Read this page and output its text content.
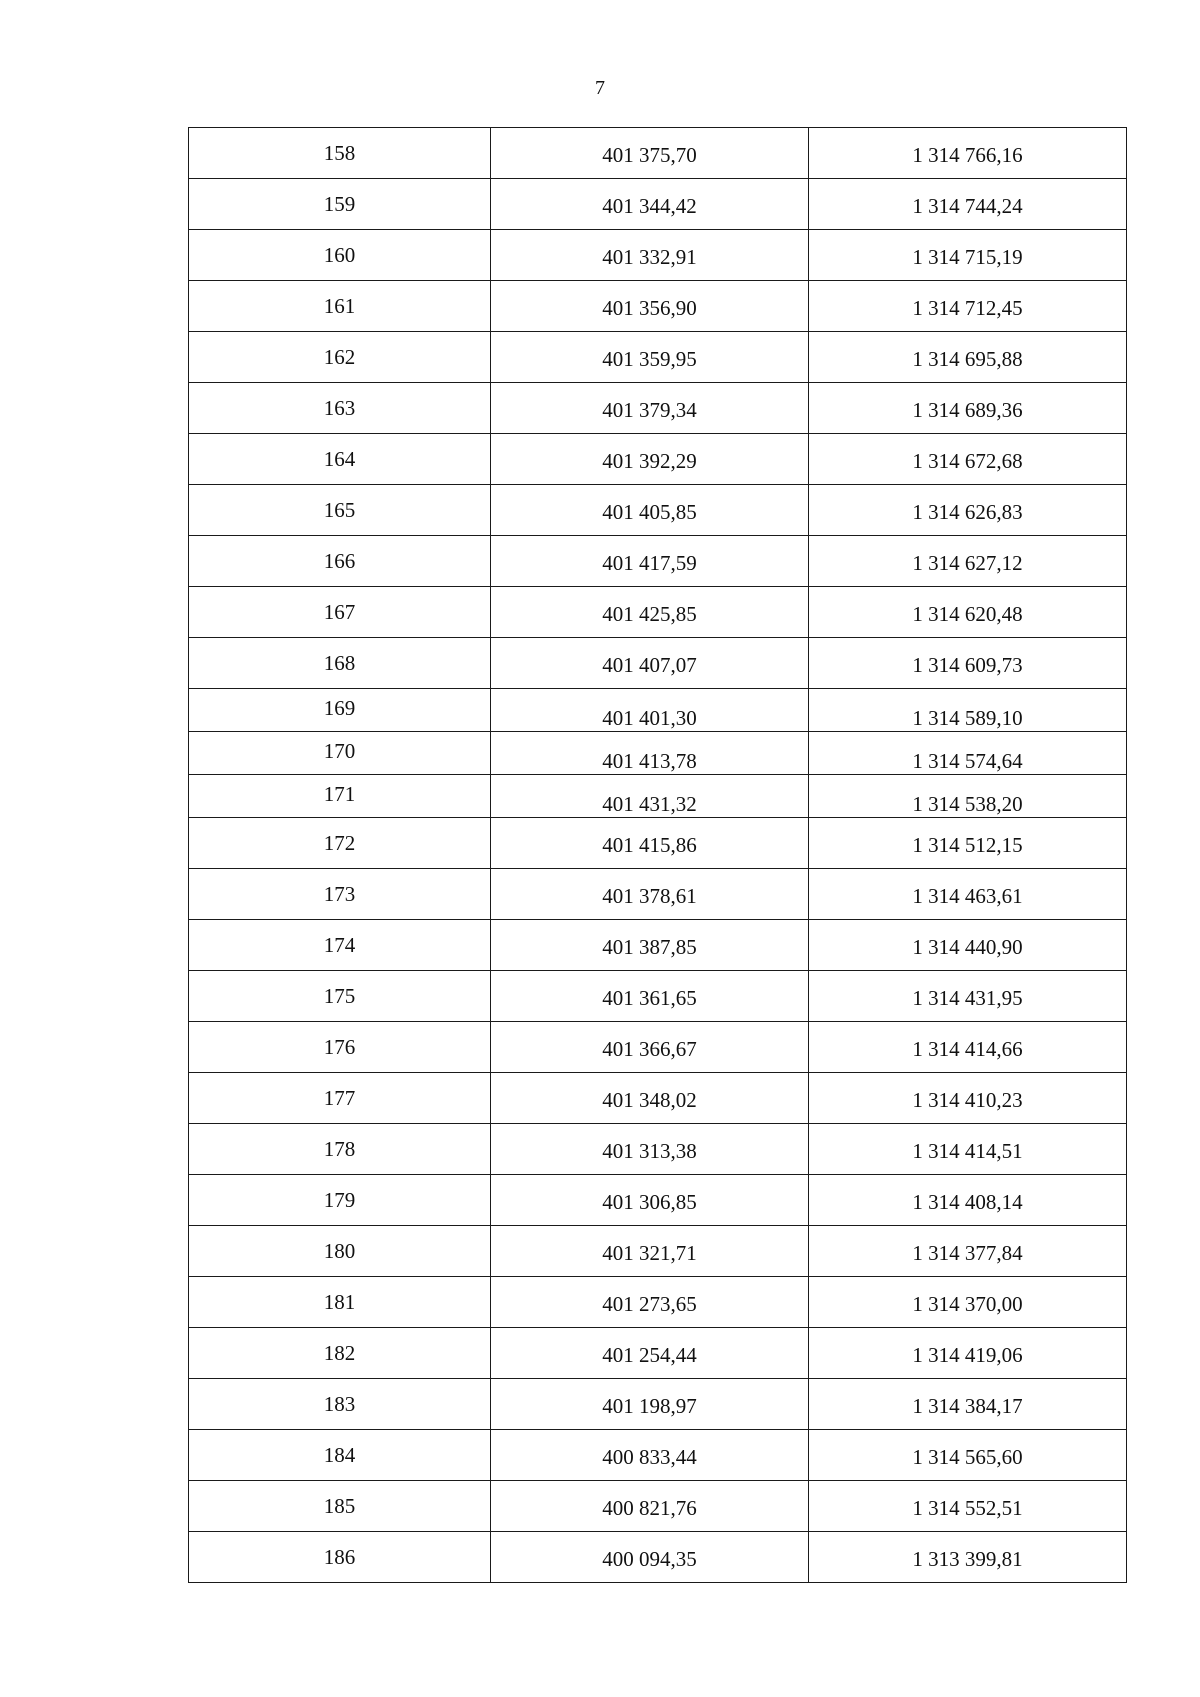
7
158	401 375,70	1 314 766,16
159	401 344,42	1 314 744,24
160	401 332,91	1 314 715,19
161	401 356,90	1 314 712,45
162	401 359,95	1 314 695,88
163	401 379,34	1 314 689,36
164	401 392,29	1 314 672,68
165	401 405,85	1 314 626,83
166	401 417,59	1 314 627,12
167	401 425,85	1 314 620,48
168	401 407,07	1 314 609,73
169	401 401,30	1 314 589,10
170	401 413,78	1 314 574,64
171	401 431,32	1 314 538,20
172	401 415,86	1 314 512,15
173	401 378,61	1 314 463,61
174	401 387,85	1 314 440,90
175	401 361,65	1 314 431,95
176	401 366,67	1 314 414,66
177	401 348,02	1 314 410,23
178	401 313,38	1 314 414,51
179	401 306,85	1 314 408,14
180	401 321,71	1 314 377,84
181	401 273,65	1 314 370,00
182	401 254,44	1 314 419,06
183	401 198,97	1 314 384,17
184	400 833,44	1 314 565,60
185	400 821,76	1 314 552,51
186	400 094,35	1 313 399,81
